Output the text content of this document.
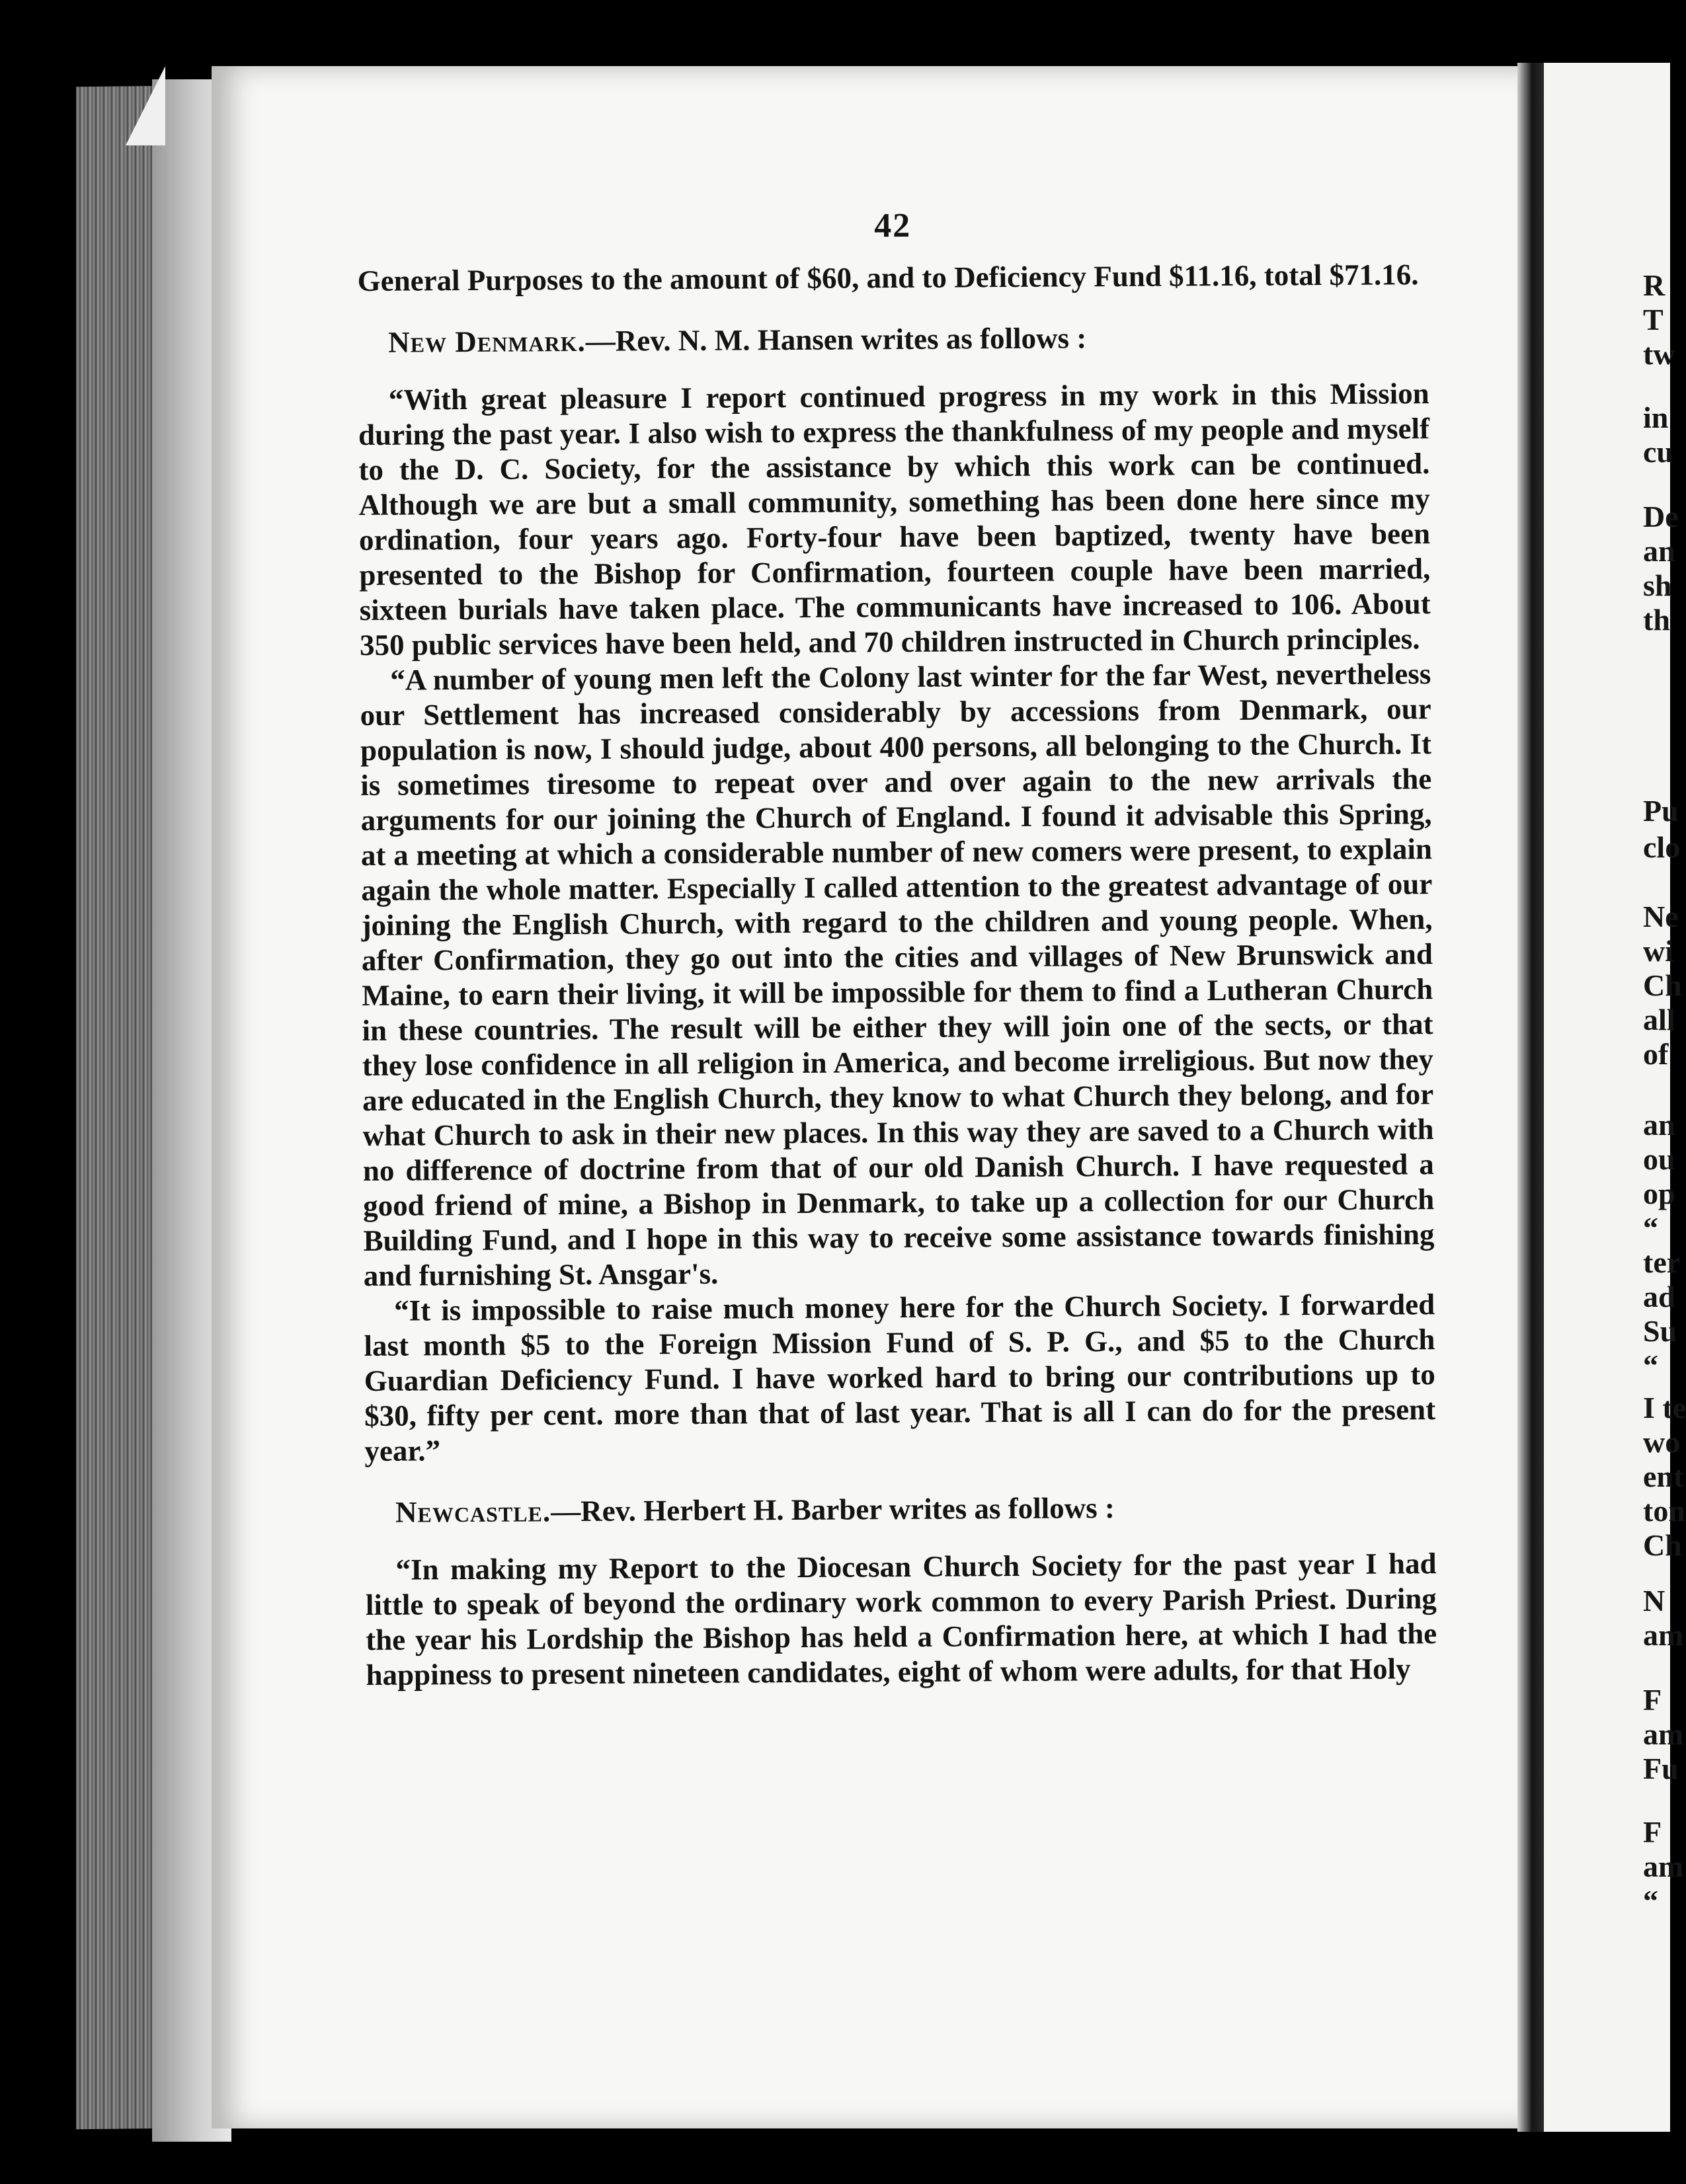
42

General Purposes to the amount of $60, and to Deficiency Fund $11.16, total $71.16.

New Denmark.—Rev. N. M. Hansen writes as follows :

“With great pleasure I report continued progress in my work in this Mission during the past year. I also wish to express the thankfulness of my people and myself to the D. C. Society, for the assistance by which this work can be continued. Although we are but a small community, something has been done here since my ordination, four years ago. Forty-four have been baptized, twenty have been presented to the Bishop for Confirmation, fourteen couple have been married, sixteen burials have taken place. The communicants have increased to 106. About 350 public services have been held, and 70 children instructed in Church principles.

“A number of young men left the Colony last winter for the far West, nevertheless our Settlement has increased considerably by accessions from Denmark, our population is now, I should judge, about 400 persons, all belonging to the Church. It is sometimes tiresome to repeat over and over again to the new arrivals the arguments for our joining the Church of England. I found it advisable this Spring, at a meeting at which a considerable number of new comers were present, to explain again the whole matter. Especially I called attention to the greatest advantage of our joining the English Church, with regard to the children and young people. When, after Confirmation, they go out into the cities and villages of New Brunswick and Maine, to earn their living, it will be impossible for them to find a Lutheran Church in these countries. The result will be either they will join one of the sects, or that they lose confidence in all religion in America, and become irreligious. But now they are educated in the English Church, they know to what Church they belong, and for what Church to ask in their new places. In this way they are saved to a Church with no difference of doctrine from that of our old Danish Church. I have requested a good friend of mine, a Bishop in Denmark, to take up a collection for our Church Building Fund, and I hope in this way to receive some assistance towards finishing and furnishing St. Ansgar's.

“It is impossible to raise much money here for the Church Society. I forwarded last month $5 to the Foreign Mission Fund of S. P. G., and $5 to the Church Guardian Deficiency Fund. I have worked hard to bring our contributions up to $30, fifty per cent. more than that of last year. That is all I can do for the present year.”

Newcastle.—Rev. Herbert H. Barber writes as follows :

“In making my Report to the Diocesan Church Society for the past year I had little to speak of beyond the ordinary work common to every Parish Priest. During the year his Lordship the Bishop has held a Confirmation here, at which I had the happiness to present nineteen candidates, eight of whom were adults, for that Holy

R
T
tw
in
cu
De
an
sh
th
Pu
clo
Ne
wi
Ch
all
of
an
ou
op
“
ter
ad
Su
“
I te
wo
ent
ton
Ch
N
am
F
am
Fu
F
am
“
